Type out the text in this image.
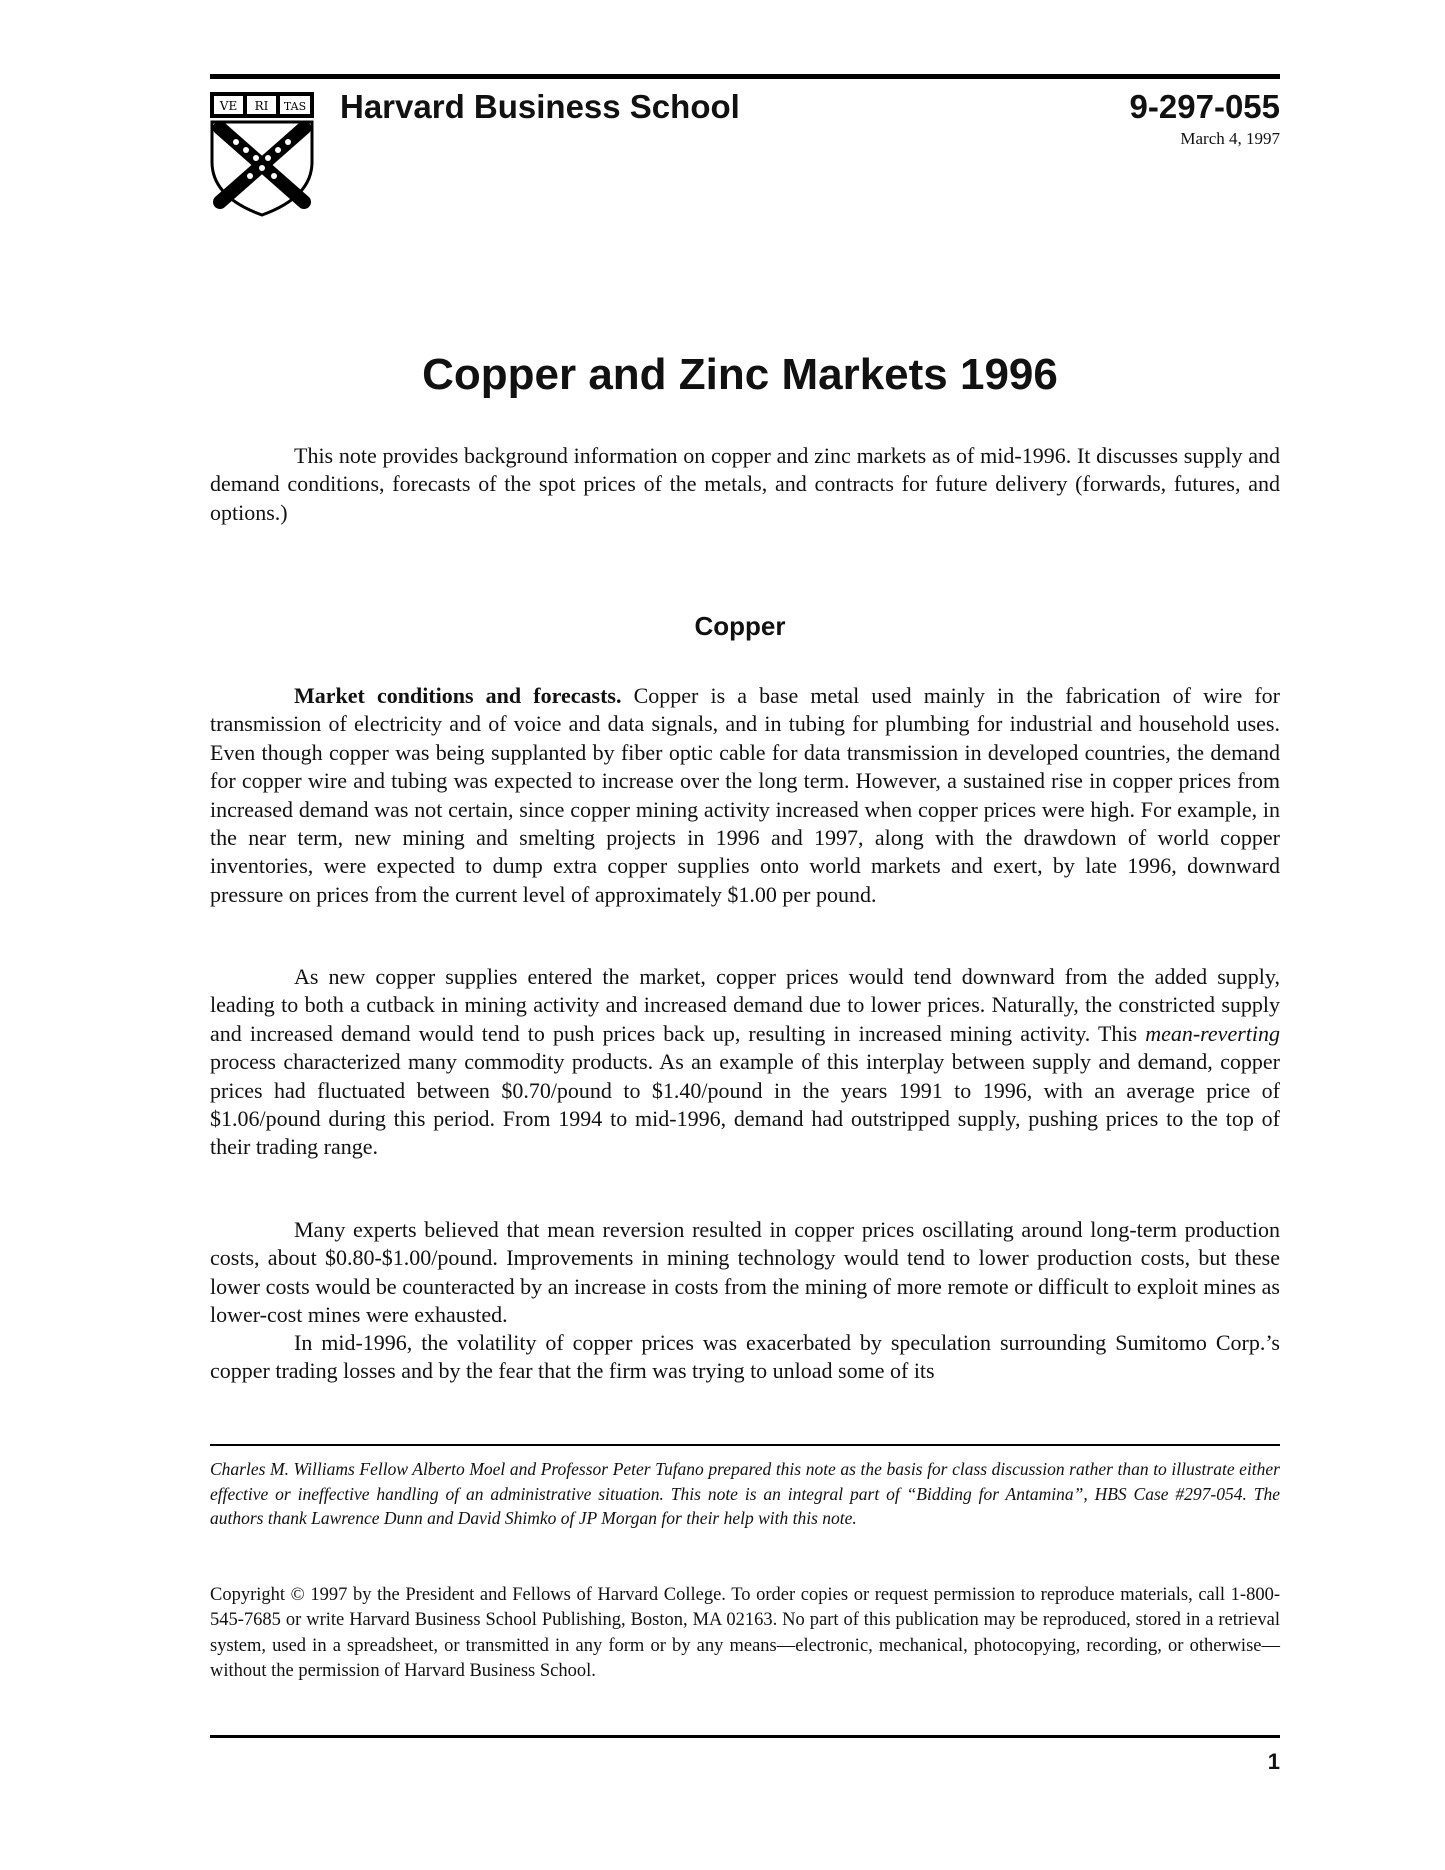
VE RI TAS Harvard Business School	9-297-055
March 4, 1997
Copper and Zinc Markets 1996

This note provides background information on copper and zinc markets as of mid-1996. It discusses supply and demand conditions, forecasts of the spot prices of the metals, and contracts for future delivery (forwards, futures, and options.)

Copper

Market conditions and forecasts. Copper is a base metal used mainly in the fabrication of wire for transmission of electricity and of voice and data signals, and in tubing for plumbing for industrial and household uses. Even though copper was being supplanted by fiber optic cable for data transmission in developed countries, the demand for copper wire and tubing was expected to increase over the long term. However, a sustained rise in copper prices from increased demand was not certain, since copper mining activity increased when copper prices were high. For example, in the near term, new mining and smelting projects in 1996 and 1997, along with the drawdown of world copper inventories, were expected to dump extra copper supplies onto world markets and exert, by late 1996, downward pressure on prices from the current level of approximately $1.00 per pound.

As new copper supplies entered the market, copper prices would tend downward from the added supply, leading to both a cutback in mining activity and increased demand due to lower prices. Naturally, the constricted supply and increased demand would tend to push prices back up, resulting in increased mining activity. This mean-reverting process characterized many commodity products. As an example of this interplay between supply and demand, copper prices had fluctuated between $0.70/pound to $1.40/pound in the years 1991 to 1996, with an average price of $1.06/pound during this period. From 1994 to mid-1996, demand had outstripped supply, pushing prices to the top of their trading range.

Many experts believed that mean reversion resulted in copper prices oscillating around long-term production costs, about $0.80-$1.00/pound. Improvements in mining technology would tend to lower production costs, but these lower costs would be counteracted by an increase in costs from the mining of more remote or difficult to exploit mines as lower-cost mines were exhausted.

In mid-1996, the volatility of copper prices was exacerbated by speculation surrounding Sumitomo Corp.’s copper trading losses and by the fear that the firm was trying to unload some of its

Charles M. Williams Fellow Alberto Moel and Professor Peter Tufano prepared this note as the basis for class discussion rather than to illustrate either effective or ineffective handling of an administrative situation. This note is an integral part of “Bidding for Antamina”, HBS Case #297-054. The authors thank Lawrence Dunn and David Shimko of JP Morgan for their help with this note.

Copyright © 1997 by the President and Fellows of Harvard College. To order copies or request permission to reproduce materials, call 1-800-545-7685 or write Harvard Business School Publishing, Boston, MA 02163. No part of this publication may be reproduced, stored in a retrieval system, used in a spreadsheet, or transmitted in any form or by any means—electronic, mechanical, photocopying, recording, or otherwise—without the permission of Harvard Business School.

1
